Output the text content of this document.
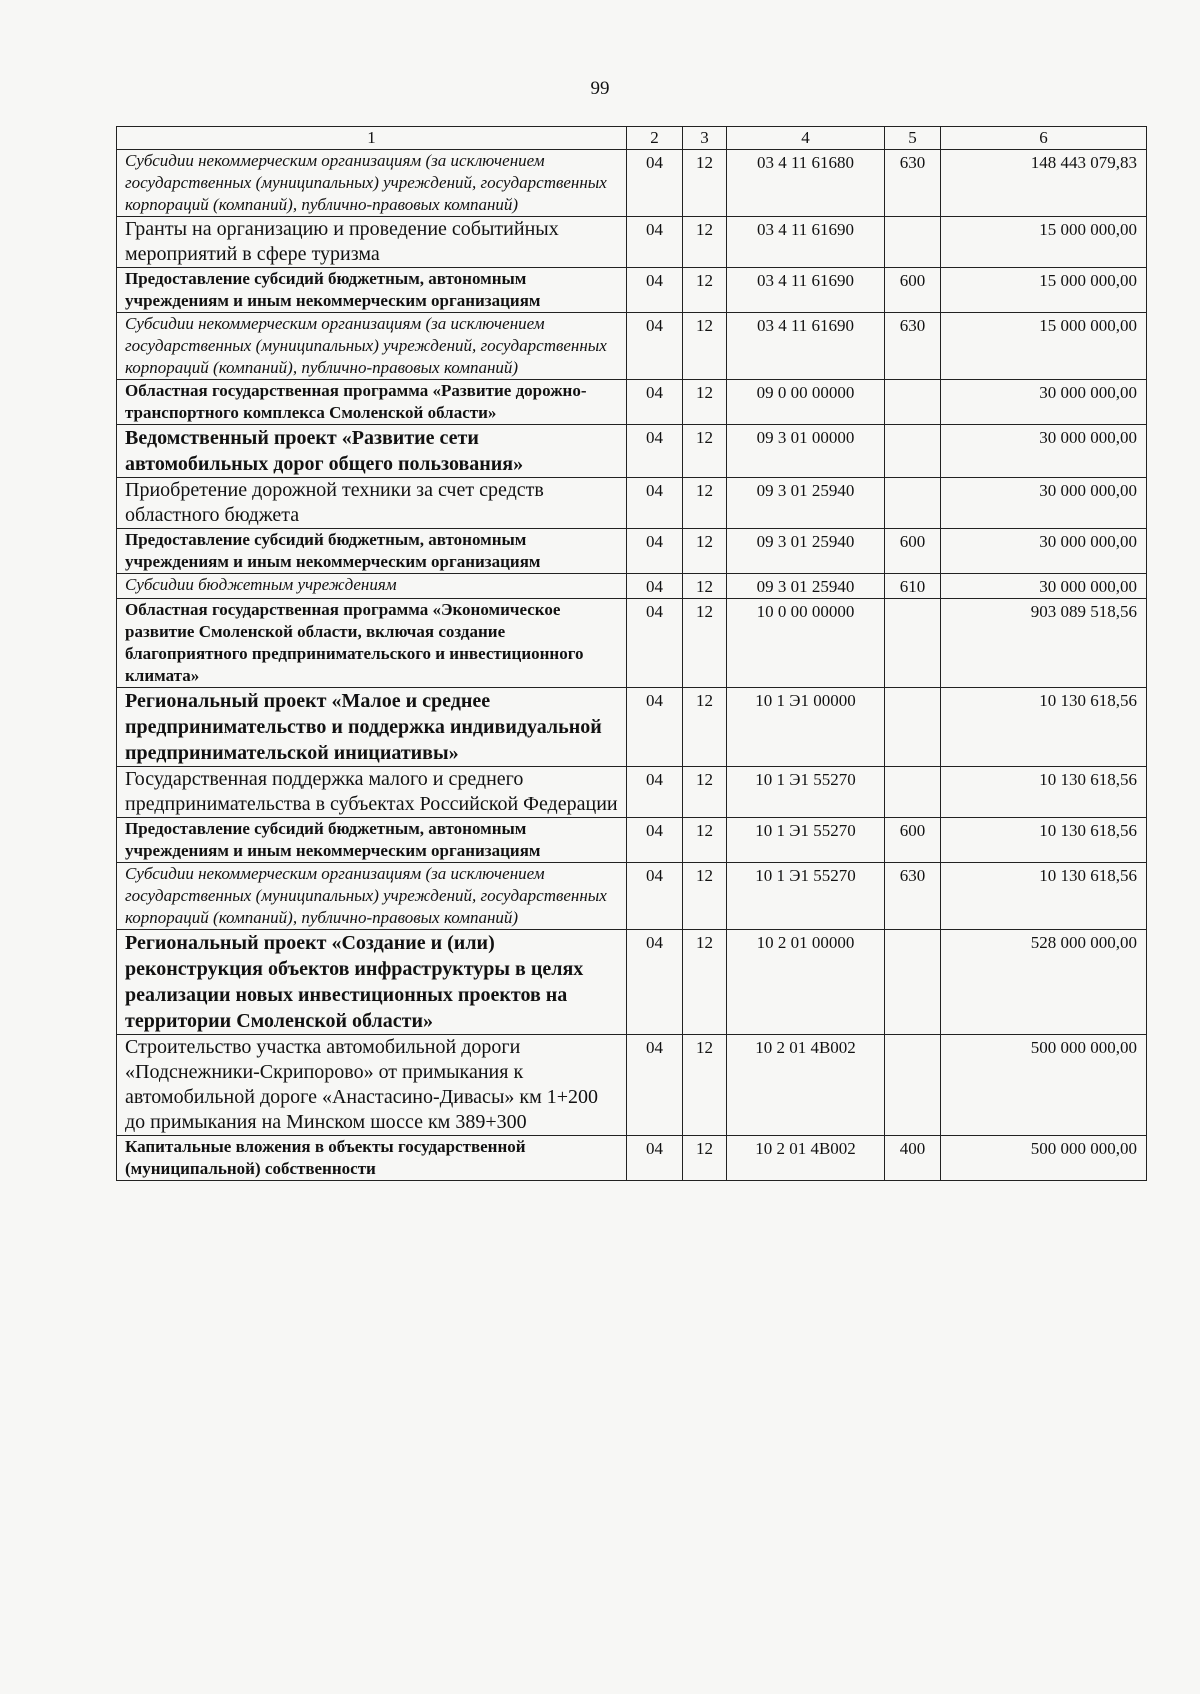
99
1	2	3	4	5	6
Субсидии некоммерческим организациям (за исключением государственных (муниципальных) учреждений, государственных корпораций (компаний), публично-правовых компаний)	04	12	03 4 11 61680	630	148 443 079,83
Гранты на организацию и проведение событийных мероприятий в сфере туризма	04	12	03 4 11 61690		15 000 000,00
Предоставление субсидий бюджетным, автономным учреждениям и иным некоммерческим организациям	04	12	03 4 11 61690	600	15 000 000,00
Субсидии некоммерческим организациям (за исключением государственных (муниципальных) учреждений, государственных корпораций (компаний), публично-правовых компаний)	04	12	03 4 11 61690	630	15 000 000,00
Областная государственная программа «Развитие дорожно-транспортного комплекса Смоленской области»	04	12	09 0 00 00000		30 000 000,00
Ведомственный проект «Развитие сети автомобильных дорог общего пользования»	04	12	09 3 01 00000		30 000 000,00
Приобретение дорожной техники за счет средств областного бюджета	04	12	09 3 01 25940		30 000 000,00
Предоставление субсидий бюджетным, автономным учреждениям и иным некоммерческим организациям	04	12	09 3 01 25940	600	30 000 000,00
Субсидии бюджетным учреждениям	04	12	09 3 01 25940	610	30 000 000,00
Областная государственная программа «Экономическое развитие Смоленской области, включая создание благоприятного предпринимательского и инвестиционного климата»	04	12	10 0 00 00000		903 089 518,56
Региональный проект «Малое и среднее предпринимательство и поддержка индивидуальной предпринимательской инициативы»	04	12	10 1 Э1 00000		10 130 618,56
Государственная поддержка малого и среднего предпринимательства в субъектах Российской Федерации	04	12	10 1 Э1 55270		10 130 618,56
Предоставление субсидий бюджетным, автономным учреждениям и иным некоммерческим организациям	04	12	10 1 Э1 55270	600	10 130 618,56
Субсидии некоммерческим организациям (за исключением государственных (муниципальных) учреждений, государственных корпораций (компаний), публично-правовых компаний)	04	12	10 1 Э1 55270	630	10 130 618,56
Региональный проект «Создание и (или) реконструкция объектов инфраструктуры в целях реализации новых инвестиционных проектов на территории Смоленской области»	04	12	10 2 01 00000		528 000 000,00
Строительство участка автомобильной дороги «Подснежники-Скрипорово» от примыкания к автомобильной дороге «Анастасино-Дивасы» км 1+200 до примыкания на Минском шоссе км 389+300	04	12	10 2 01 4В002		500 000 000,00
Капитальные вложения в объекты государственной (муниципальной) собственности	04	12	10 2 01 4В002	400	500 000 000,00
